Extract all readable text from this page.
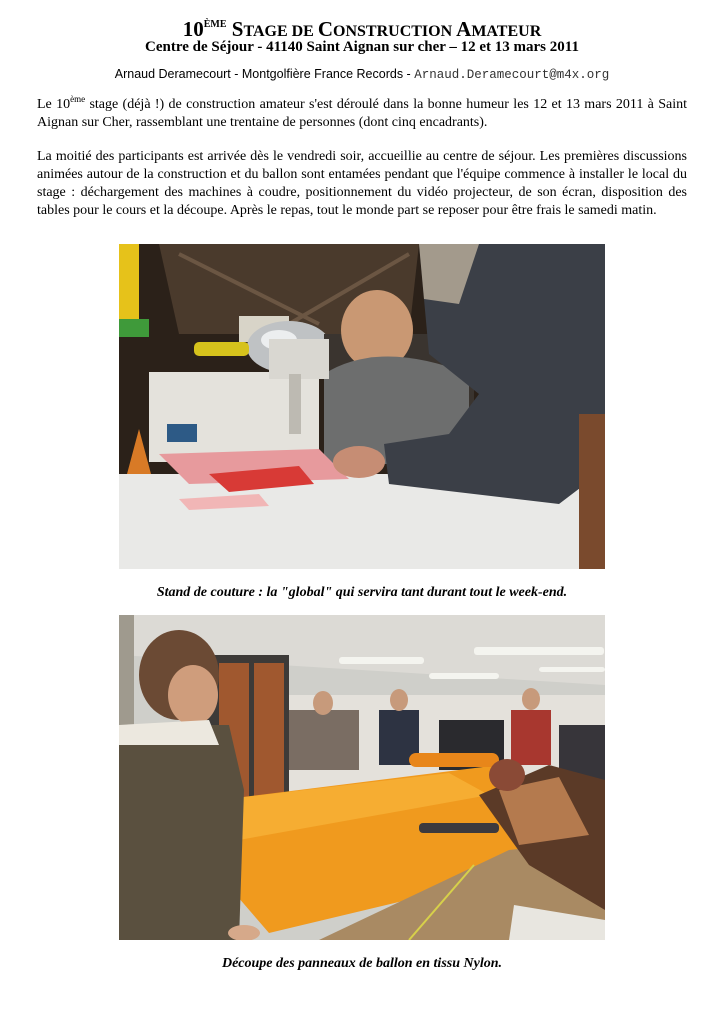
10ÈME STAGE DE CONSTRUCTION AMATEUR
Centre de Séjour - 41140 Saint Aignan sur cher – 12 et 13 mars 2011
Arnaud Deramecourt - Montgolfière France Records - Arnaud.Deramecourt@m4x.org
Le 10ème stage (déjà !) de construction amateur s'est déroulé dans la bonne humeur les 12 et 13 mars 2011 à Saint Aignan sur Cher, rassemblant une trentaine de personnes (dont cinq encadrants).
La moitié des participants est arrivée dès le vendredi soir, accueillie au centre de séjour. Les premières discussions animées autour de la construction et du ballon sont entamées pendant que l'équipe commence à installer le local du stage : déchargement des machines à coudre, positionnement du vidéo projecteur, de son écran, disposition des tables pour le cours et la découpe. Après le repas, tout le monde part se reposer pour être frais le samedi matin.
Stand de couture : la "global" qui servira tant durant tout le week-end.
Découpe des panneaux de ballon en tissu Nylon.
